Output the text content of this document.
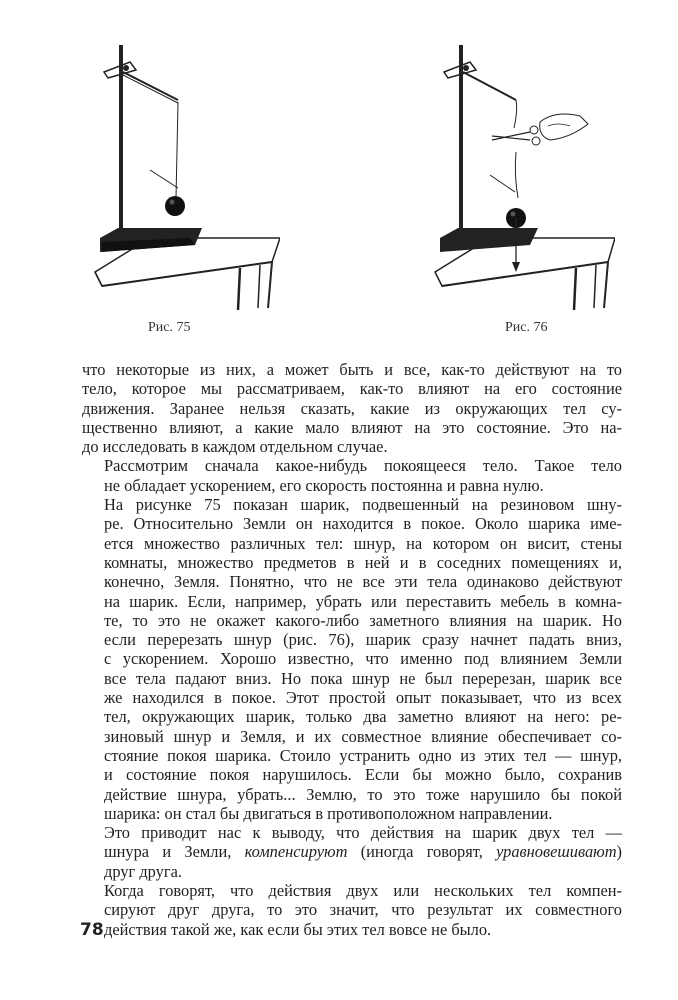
Рис. 75	Рис. 76

что некоторые из них, а может быть и все, как-то действуют на то
тело, которое мы рассматриваем, как-то влияют на его состояние
движения. Заранее нельзя сказать, какие из окружающих тел су-
щественно влияют, а какие мало влияют на это состояние. Это на-
до исследовать в каждом отдельном случае.

Рассмотрим сначала какое-нибудь покоящееся тело. Такое тело
не обладает ускорением, его скорость постоянна и равна нулю.

На рисунке 75 показан шарик, подвешенный на резиновом шну-
ре. Относительно Земли он находится в покое. Около шарика име-
ется множество различных тел: шнур, на котором он висит, стены
комнаты, множество предметов в ней и в соседних помещениях и,
конечно, Земля. Понятно, что не все эти тела одинаково действуют
на шарик. Если, например, убрать или переставить мебель в комна-
те, то это не окажет какого-либо заметного влияния на шарик. Но
если перерезать шнур (рис. 76), шарик сразу начнет падать вниз,
с ускорением. Хорошо известно, что именно под влиянием Земли
все тела падают вниз. Но пока шнур не был перерезан, шарик все
же находился в покое. Этот простой опыт показывает, что из всех
тел, окружающих шарик, только два заметно влияют на него: ре-
зиновый шнур и Земля, и их совместное влияние обеспечивает со-
стояние покоя шарика. Стоило устранить одно из этих тел — шнур,
и состояние покоя нарушилось. Если бы можно было, сохранив
действие шнура, убрать... Землю, то это тоже нарушило бы покой
шарика: он стал бы двигаться в противоположном направлении.

Это приводит нас к выводу, что действия на шарик двух тел —
шнура и Земли, компенсируют (иногда говорят, уравновешивают)
друг друга.

Когда говорят, что действия двух или нескольких тел компен-
сируют друг друга, то это значит, что результат их совместного
действия такой же, как если бы этих тел вовсе не было.

78
